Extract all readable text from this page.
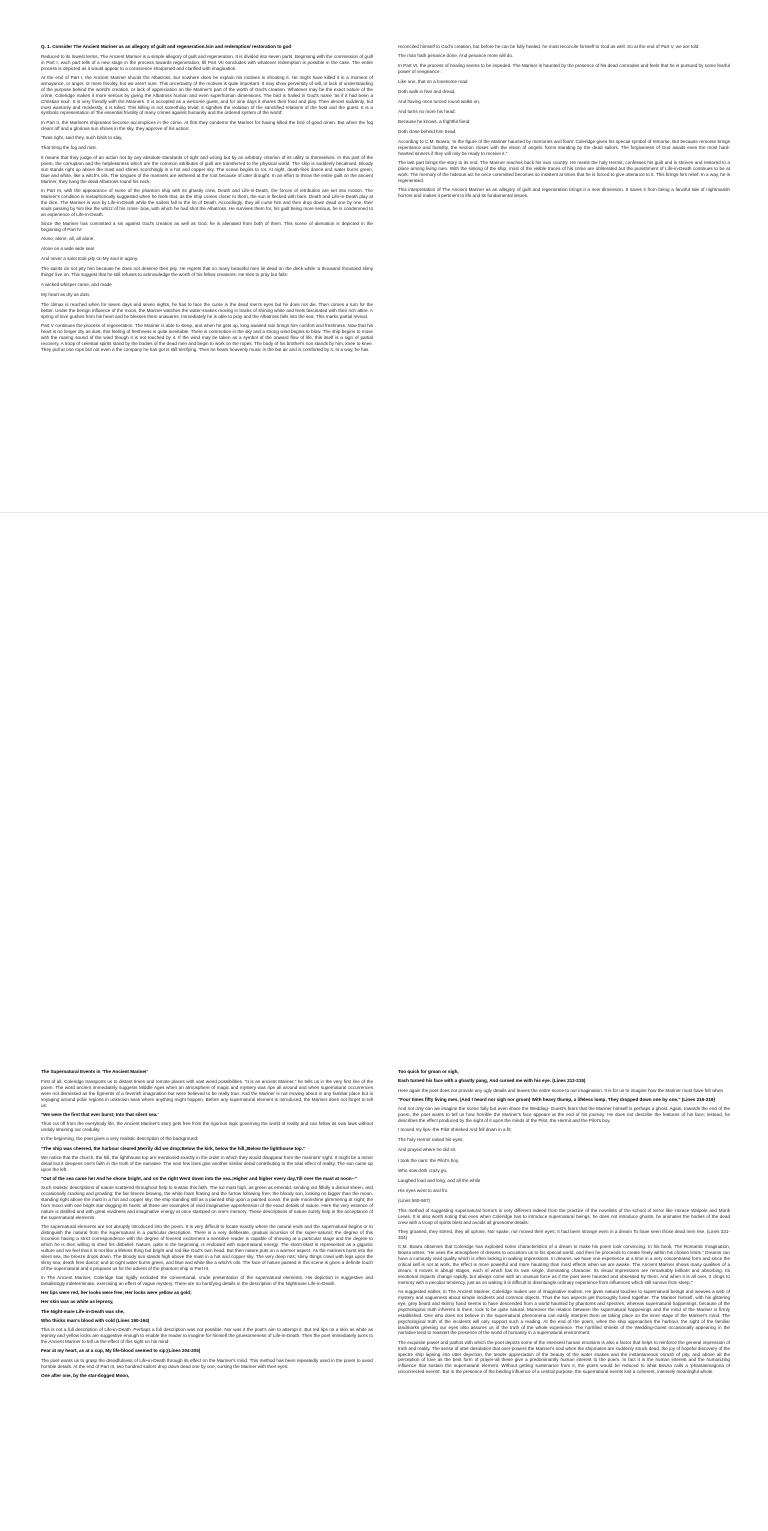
Q. 1. Consider The Ancient Mariner as an allegory of guilt and regeneration./sin and redemption/ restoration to god

Reduced to its lowest terms, The Ancient Mariner is a simple allegory of guilt and regeneration. It is divided into seven parts. Beginning with the commission of guilt in Part I, each part tells of a new stage in the process towards regeneration, till Part VII concludes with whatever redemption is possible in the case. The entire process is depicted as it would appear to a conscience sharpened and clarified with imagination.

At the end of Part I, the Ancient Mariner shoots the Albatross, but nowhere does he explain his motives in shooting it. He might have killed it in a moment of annoyance, or anger, or mere frivolity, but we aren't sure. This uncertainty of the motives is quite important. It may show perversity of will, or lack of understanding of the purpose behind the world's creation, or lack of appreciation on the Mariner's part of the worth of God's creation. Whatever may be the exact nature of the crime, Coleridge makes it more serious by giving the Albatross human and even superhuman dimensions. The bird is hailed in God's name 'as if it had been a Christian soul'. It is very friendly with the Mariners. It is accepted as a welcome guest, and for nine days it shares their food and play. Then almost suddenly, but most wantonly and recklessly, it is killed. This killing is not something trivial; it signifies the violation of the sanctified relations of the host and the guest. It is a symbolic representation of 'the essential frivolity of many crimes against humanity and the ordered system of the world'.

In Part II, the Mariner's shipmates become accomplices in the crime. At first they condemn the Mariner for having killed the bird of good omen. But when the fog clears off and a glorious sun shines in the sky, they approve of his action:

'Twas right, said they, such birds to slay,

That bring the fog and mist.

It means that they judge of an action not by any absolute standards of right and wrong but by an arbitrary criterion of its utility to themselves. In this part of the poem, the corruption and the helplessness which are the common attributes of guilt are transferred to the physical world. The ship is suddenly becalmed. Bloody sun stands right up above the mast and shines scorchingly in a hot and copper sky. The ocean begins to rot. At night, death-fires dance and water burns green, blue and white, like a witch's oils. The tongues of the mariners are withered at the root because of utter drought. In an effort to throw the entire guilt on the ancient Mariner, they hang the dead Albatross round his neck.

In Part III, with the appearance of some of the phantom ship with its ghastly crew, Death and Life-in-Death, the forces of retribution are set into motion. The Mariner's condition is metaphorically suggested when he feels that, as the ship comes closer to them, the sun is flecked with bars. Death and Life-in-Death play at the dice. The Mariner is won by Life-in-Death while the sailors fall to the lot of Death. Accordingly, they all curse him and then drop down dead one by one, their souls passing by him like the whizz of his cross- bow, with which he had shot the Albatross. He survives them for, his guilt being more serious, he is condemned to an experience of Life-in-Death.

Since the Mariner has committed a sin against God's creation as well as God, he is alienated from both of them. This scene of alienation is depicted in the beginning of Part IV:

Alone, alone, all, all alone,

Alone on a wide wide sea!

And never a saint took pity on My soul in agony.

The saints do not pity him because he does not deserve their pity. He regrets that so many beautiful men lie dead on the deck while 'a thousand thousand slimy things' live on. This suggest that he still refuses to acknowledge the worth of his fellow creatures. He tries to pray but fails:

A wicked whisper came, and made

My heart as dry as dust.

The climax is reached when for seven days and seven nights, he has to face the curse in the dead men's eyes but he does not die. Then comes a turn for the better. Under the benign influence of the moon, the Mariner watches the water-snakes moving in tracks of shining white and feels fascinated with their rich attire. A spring of love gushes from his heart and he blesses them unawares. Immediately he is able to pray and the Albatross falls into the sea. This marks partial revival.

Part V continues the process of regeneration. The Mariner is able to sleep, and when he gets up, long awaited rain brings him comfort and freshness. Now that his heart is no longer dry as dust, this feeling of freshness is quite inevitable. There is commotion in the sky and a strong wind begins to blow. The ship begins to move with the roaring sound of the wind though it is not touched by it. If the wind may be taken as a symbol of the onward flow of life, this itself is a sign of partial recovery. A troop of celestial spirits stand by the bodies of the dead men and begin to work on the ropes. The body of his brother's son stands by him, knee to knee. They pull at one rope but not even a the company he has got is still terrifying. Then he hears heavenly music in the but air and is comforted by it. In a way, he has

reconciled himself to God's creation, but before he can be fully healed, he must reconcile himself to God as well. So at the end of Part V, we are told:

The man hath penance done, And penance more will do.

In Part VI, the process of healing seems to be impeded. The Mariner is haunted by the presence of his dead comrades and feels that he is pursued by some fearful power of vengeance :

Like one, that on a lonesome road

Doth walk in fear and dread,

And having once turned round walks on,

And turns no more his head;

Because he knows, a frightful fiend

Doth close behind him tread.

According to C.M. Bowra, 'in the figure of the Mariner haunted by memories and fears' Coleridge gives his special symbol of remorse. But because remorse brings repentance and humility, the section closes with the vision of angelic forms standing by the dead sailors. The forgiveness of God awaits even the most hard-hearted sinners if they will only be ready to receive it."

The last part brings the story to its end. The Mariner reaches back his own country. He meets the holy Hermit, confesses his guilt and is shriven and restored to a place among living men. With the sinking of the ship, most of the visible traces of his crime are obliterated but the punishment of Life-in-Death continues to be at work. The memory of the hideous act he once committed becomes so insistent at times that he is forced to give utterance to it. This brings him relief. In a way, he is regenerated.

This interpretation of The Ancient Mariner as an allegory of guilt and regeneration brings it a new dimension. It saves it from being a fanciful tale of nightmarish horrors and makes it pertinent to life and its fundamental issues.

The Supernatural Events in 'The Ancient Mariner'

First of all, Coleridge transports us to distant times and remote places with vast weird possibilities. "It is an ancient Mariner," he tells us in the very first line of the poem. The word ancient immediately suggests Middle Ages when an atmosphere of magic and mystery was ripe all around and when supernatural occurrences were not dismissed as the figments of a feverish imagination but were believed to be really true. And the Mariner is not moving about in any familiar place but is voyaging around polar regions in unknown seas where anything might happen. Before any supernatural element is introduced, the Mariner does not forget to tell us:

"We were the first that ever burst; Into that silent sea.'

Thus cut off from the everybody life, the Ancient Mariner's story gets free from the rigorous logic governing the world of reality and can follow its own laws without unduly straining our credulity.

In the beginning, the poet gives a very realistic description of the background:

"The ship was cheered, the harbour cleared;Merrily did we drop;Below the kirk, below the hill,;Below the lighthouse top."

We notice that the church, the hill, the lighthouse top are mentioned exactly in the order in which they would disappear from the mariners' sight. It might be a minor detail but it deepens one's faith in the truth of the narrative. The next few lines give another similar detail contributing to the total effect of reality. The sun came up upon the left.

"Out of the sea came he! And he shone bright, and on the right Went down into the sea.;Higher and higher every day,Till over the mast at noon--"

Such realistic descriptions of nature scattered throughout help to sustain this faith. The ice mast high, as green as emerald, sending out fitfully a dismal sheen, and occasionally cracking and growling; the fair breeze blowing, the white foam flowing and the furrow following free; the bloody sun, looking no bigger than the moon, standing right above the mast in a hot and copper sky; the ship standing still as a painted ship upon a painted ocean; the pale moonshine glimmering at night; the horn moon with one bright star dogging its heels; all these are examples of vivid imaginative apprehension of the exact details of nature. Here the very essence of nature is distilled and with great vividness and imaginative energy at once stamped on one's memory. These descriptions of nature surely help in the acceptance of the supernatural elements.

The supernatural elements are not abruptly introduced into the poem. It is very difficult to locate exactly where the natural ends and the supernatural begins or to distinguish the natural from the supernatural in a particular description. There is a very deliberate, gradual incursion of the super-natural; the degree of this incursion having a strict correspondence with the degree of fevered excitement a sensitive reader is capable of showing at a particular stage and the degree to which he is then willing to shed his disbelief. Nature, quite in the beginning, is endowed with supernatural energy. The storm-blast is represented as a gigantic vulture and we feel that it is not like a lifeless thing but bright and red like God's own head. But then nature puts on a warmer aspect. As the mariners burst into the silent sea, the breeze drops down. The bloody sun stands high above the mast in a hot and copper sky. The very deep rots; slimy things crawl with legs upon the slimy sea; death fires dance; and at night water burns green, and blue and white like a witch's oils. The face of nature painted in this scene is given a definite touch of the supernatural and it prepares us for the advent of the phantom ship in Part III.

In The Ancient Mariner, Coleridge has rigidly excluded the conventional, crude presentation of the supernatural elements. His depiction is suggestive and tantalisingly indeterminate, exercising an effect of vague mystery. There are no horrifying details in the description of the Nightmare Life-in-Death.

Her lips were red, her looks were free, Her locks were yellow as gold;

Her skin was as white as leprosy,

The Night-mare Life-in-Death was she,

Who thicks man's blood with cold (Lines 190-194)

This is not a full description of Life-in-Death. Perhaps a full description was not possible. Nor was it the poet's aim to attempt it. But red lips on a skin as white as leprosy and yellow locks are suggestive enough to enable the reader to imagine for himself the gruesomeness of Life-in-Death. Then the poet immediately turns to the Ancient Mariner to tell us the effect of this sight on his mind:

Fear at my heart, as at a cup, My life-blood seemed to sip;(Lines 204-205)

The poet wants us to grasp the dreadfulness of Life-in-Death through its effect on the Mariner's mind. This method has been repeatedly used in the poem to avoid horrible details. At the end of Part III, two hundred sailors drop down dead one by one, cursing the Mariner with their eyes:

One after one, by the star-dogged Moon,

Too quick for groan or sigh,

Each turned his face with a ghastly pang, And cursed me with his eye. (Lines 212-215)

Here again the poet does not provide any ugly details and leaves the entire scene to our imagination. It is for us to imagine how the Mariner must have felt when

"Four times fifty living men, (And I heard nor sigh nor groan) With heavy thump, a lifeless lump, They dropped down one by one." (Lines 216-219)

And not only can we imagine the scene fully but even share the Wedding- Guest's fears that the Mariner himself is perhaps a ghost. Again, towards the end of the poem, the poet wants to tell us how horrible the Mariner's face appears at the end of his journey. He does not describe the features of his face; instead, he describes the effect produced by the sight of it upon the minds of the Pilot, the Hermit and the Pilot's boy.

I moved my lips--the Pilot shrieked And fell down in a fit;

The holy Hermit raised his eyes,

And prayed where he did sit.

I took the oars: the Pilot's boy,

Who now doth crazy go,

Laughed loud and long, and all the while

His eyes went to and fro.

(Lines 560-567)

This method of suggesting supernatural horrors is very different indeed from the practice of the novelists of the school of terror like Horace Walpole and Monk Lewis. It is also worth noting that even when Coleridge has to introduce supernatural beings, he does not introduce ghosts, he animates the bodies of the dead crew with a troop of spirits blest and avoids all gruesome details:

They groaned, they stirred, they all uprose, Nor spake, nor moved their eyes; It had been strange even in a dream To have seen those dead men rise. (Lines 331-334)

C.M. Bowra observes that Coleridge has exploited some characteristics of a dream to make his poem look convincing. In his book, The Romantic Imagination, Bowra writes, "He uses the atmosphere of dreams to accustom us to his special world, and then he proceeds to create freely within his chosen limits." Dreams can have a curiously vivid quality which is often lacking in waking impressions. In dreams, we have one experience at a time in a very concentrated form and since the critical self is not at work, the effect is more powerful and more haunting than most effects when we are awake. The Ancient Mariner shows many qualities of a dream. It moves in abrupt stages, each of which has its own single, dominating character. Its visual impressions are remarkably brilliant and absorbing. Its emotional impacts change rapidly, but always come with an unusual force as if the poet were haunted and obsessed by them. And when it is all over, it clings to memory with a peculiar tendency, just as on waking it is difficult to disentangle ordinary experience from influences which still survive from sleep."

As suggested earlier, in The Ancient Mariner, Coleridge makes use of imaginative realism. He gives natural touches to supernatural beings and weaves a web of mystery and vagueness about simple incidents and common objects. Thus the two aspects get thoroughly fused together. The Mariner himself, with his glittering eye, grey beard and skinny hand seems to have descended from a world haunted by phantoms and spectres, whereas supernatural happenings, because of the psychological truth inherent in them, look to be quite natural. Moreover the relation between the supernatural happenings and the mind of the Mariner is firmly established. One who does not believe in the supernatural phenomena can easily interpret them as taking place on the inner stage of the Mariner's mind. The psychological truth of the incidents will only support such a reading. At the end of the poem, when the ship approaches the harbour, the sight of the familiar landmarks greeting our eyes also assures us of the truth of the whole experience. The horrified shrieks of the Wedding-Guest occasionally appearing in the narrative tend to reassert the presence of the world of humanity in a supernatural environment.

The exquisite power and pathos with which the poet depicts some of the intensest human emotions is also a factor that helps to reinforce the general impression of truth and reality. The sense of utter desolation that over-powers the Mariner's soul when the shipmates are suddenly struck dead, the joy of hopeful discovery of the spectre ship lapsing into utter dejection, the tender appreciation of the beauty of the water snakes and the instantaneous onrush of pity, and above all the perception of love as the best form of prayer-all these give a predominantly human interest to the poem. In fact it is the human interest and the humanizing influence that sustain the supernatural element. Without getting sustenance from it, the poem would be reduced to what Bowra calls a 'phantasmagoria of unconnected events'. But in the presence of the binding influence of a central purpose, the supernatural events knit a coherent, intensely meaningful whole.
